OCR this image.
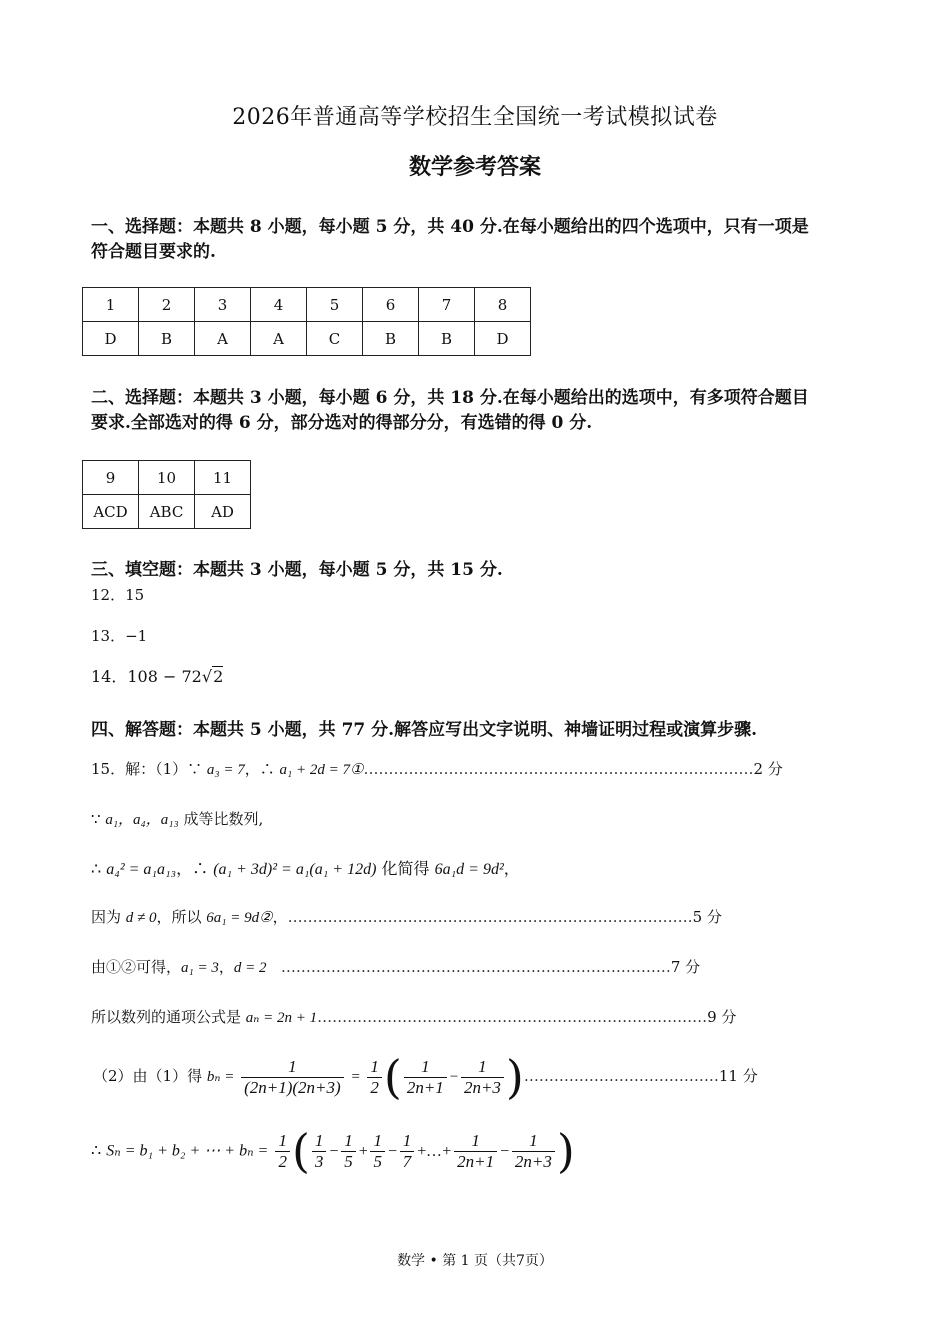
2026年普通高等学校招生全国统一考试模拟试卷
数学参考答案
一、选择题：本题共 8 小题，每小题 5 分，共 40 分.在每小题给出的四个选项中，只有一项是
符合题目要求的.
1	2	3	4	5	6	7	8
D	B	A	A	C	B	B	D
二、选择题：本题共 3 小题，每小题 6 分，共 18 分.在每小题给出的选项中，有多项符合题目
要求.全部选对的得 6 分，部分选对的得部分分，有选错的得 0 分.
9	10	11
ACD	ABC	AD
三、填空题：本题共 3 小题，每小题 5 分，共 15 分.
12．15
13．−1
14．108 − 72√2
四、解答题：本题共 5 小题，共 77 分.解答应写出文字说明、神墙证明过程或演算步骤.
15．解：（1）∵ a₃ = 7，∴ a₁ + 2d = 7①……………………………………………………………………2 分
∵ a₁，a₄，a₁₃ 成等比数列,
∴ a₄² = a₁a₁₃，∴ (a₁ + 3d)² = a₁(a₁ + 12d) 化简得 6a₁d = 9d²，
因为 d ≠ 0，所以 6a₁ = 9d②，………………………………………………………………………5 分
由①②可得，a₁ = 3，d = 2 ……………………………………………………………………7 分
所以数列的通项公式是 aₙ = 2n + 1……………………………………………………………………9 分
（2）由（1）得 $b_n = \frac{1}{(2n+1)(2n+3)} = \frac{1}{2}$ ( $\frac{1}{2n+1} - \frac{1}{2n+3}$ )…………………………………11 分
∴ Sₙ = b₁ + b₂ + ⋯ + $b_n = \frac{1}{2}$ ( $\frac{1}{3} - \frac{1}{5} + \frac{1}{5} - \frac{1}{7}$ +…+ $\frac{1}{2n+1} - \frac{1}{2n+3}$ )
数学 • 第 1 页（共7页）
